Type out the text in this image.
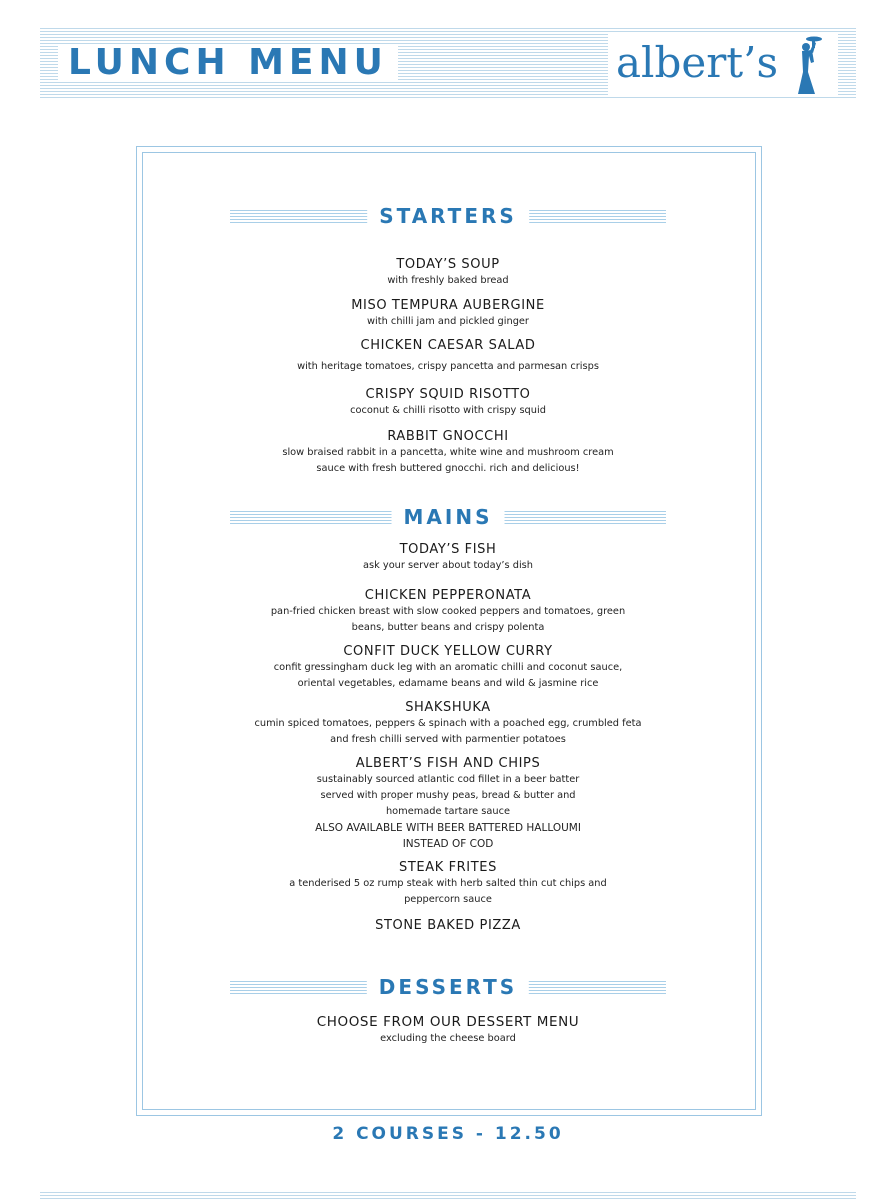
LUNCH MENU	albert’s
STARTERS
TODAY’S SOUP
with freshly baked bread
MISO TEMPURA AUBERGINE
with chilli jam and pickled ginger
CHICKEN CAESAR SALAD
with heritage tomatoes, crispy pancetta and parmesan crisps
CRISPY SQUID RISOTTO
coconut & chilli risotto with crispy squid
RABBIT GNOCCHI
slow braised rabbit in a pancetta, white wine and mushroom cream
sauce with fresh buttered gnocchi. rich and delicious!
MAINS
TODAY’S FISH
ask your server about today’s dish
CHICKEN PEPPERONATA
pan-fried chicken breast with slow cooked peppers and tomatoes, green
beans, butter beans and crispy polenta
CONFIT DUCK YELLOW CURRY
confit gressingham duck leg with an aromatic chilli and coconut sauce,
oriental vegetables, edamame beans and wild & jasmine rice
SHAKSHUKA
cumin spiced tomatoes, peppers & spinach with a poached egg, crumbled feta
and fresh chilli served with parmentier potatoes
ALBERT’S FISH AND CHIPS
sustainably sourced atlantic cod fillet in a beer batter
served with proper mushy peas, bread & butter and
homemade tartare sauce
ALSO AVAILABLE WITH BEER BATTERED HALLOUMI
INSTEAD OF COD
STEAK FRITES
a tenderised 5 oz rump steak with herb salted thin cut chips and
peppercorn sauce
STONE BAKED PIZZA
DESSERTS
CHOOSE FROM OUR DESSERT MENU
excluding the cheese board
2 COURSES - 12.50
